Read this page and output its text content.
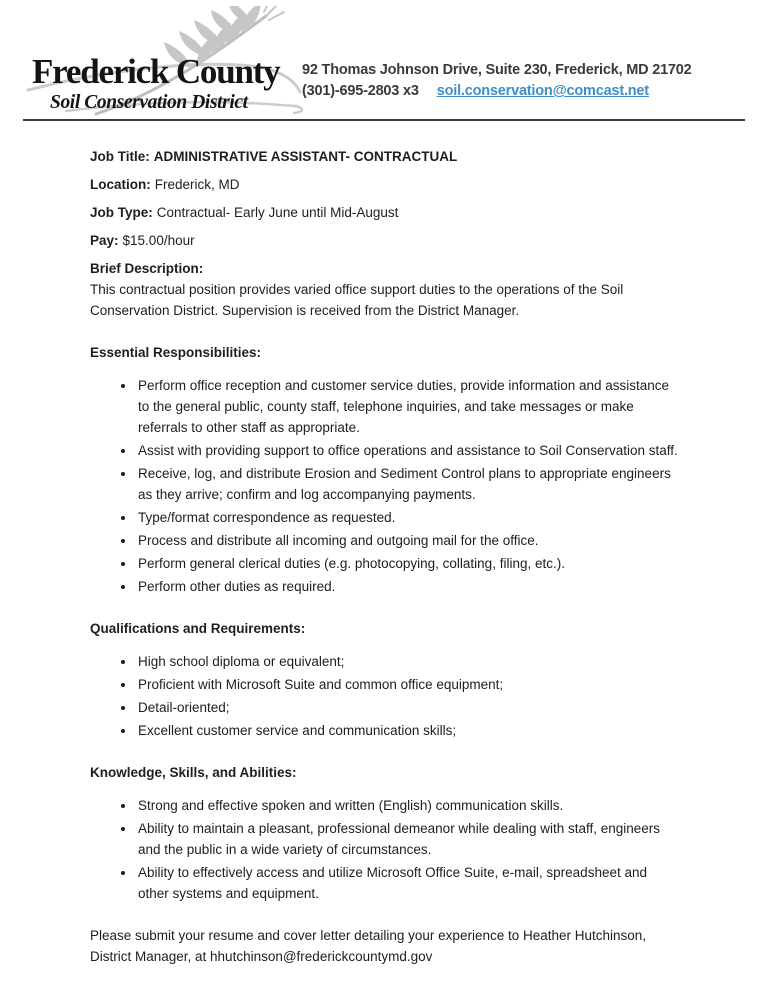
Frederick County
Soil Conservation District
92 Thomas Johnson Drive, Suite 230, Frederick, MD 21702
(301)-695-2803 x3 soil.conservation@comcast.net

Job Title: ADMINISTRATIVE ASSISTANT- CONTRACTUAL

Location: Frederick, MD

Job Type: Contractual- Early June until Mid-August

Pay: $15.00/hour

Brief Description:

This contractual position provides varied office support duties to the operations of the Soil Conservation District. Supervision is received from the District Manager.

Essential Responsibilities:

• Perform office reception and customer service duties, provide information and assistance to the general public, county staff, telephone inquiries, and take messages or make referrals to other staff as appropriate.
• Assist with providing support to office operations and assistance to Soil Conservation staff.
• Receive, log, and distribute Erosion and Sediment Control plans to appropriate engineers as they arrive; confirm and log accompanying payments.
• Type/format correspondence as requested.
• Process and distribute all incoming and outgoing mail for the office.
• Perform general clerical duties (e.g. photocopying, collating, filing, etc.).
• Perform other duties as required.

Qualifications and Requirements:

• High school diploma or equivalent;
• Proficient with Microsoft Suite and common office equipment;
• Detail-oriented;
• Excellent customer service and communication skills;

Knowledge, Skills, and Abilities:

• Strong and effective spoken and written (English) communication skills.
• Ability to maintain a pleasant, professional demeanor while dealing with staff, engineers and the public in a wide variety of circumstances.
• Ability to effectively access and utilize Microsoft Office Suite, e-mail, spreadsheet and other systems and equipment.

Please submit your resume and cover letter detailing your experience to Heather Hutchinson, District Manager, at hhutchinson@frederickcountymd.gov
